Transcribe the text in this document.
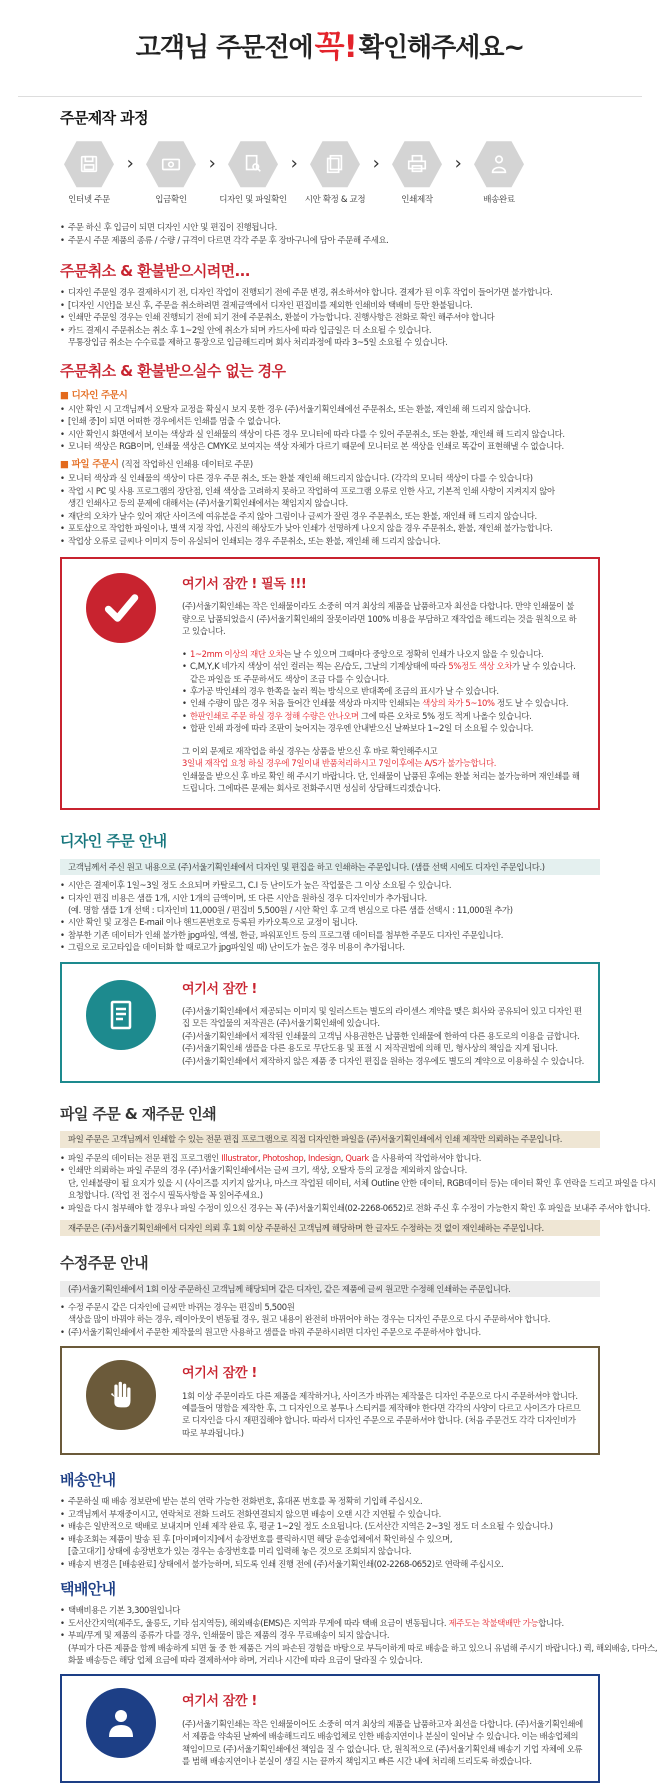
고객님 주문전에 꼭! 확인해주세요~
주문제작 과정
인터넷 주문
›
입금확인
›
디자인 및 파일확인
›
시안 확정 & 교정
›
인쇄제작
›
배송완료
• 주문 하신 후 입금이 되면 디자인 시안 및 편집이 진행됩니다.
• 주문시 주문 제품의 종류 / 수량 / 규격이 다르면 각각 주문 후 장바구니에 담아 주문해 주세요.
주문취소 & 환불받으시려면...
• 디자인 주문일 경우 결제하시기 전, 디자인 작업이 진행되기 전에 주문 변경, 취소하셔야 합니다. 결제가 된 이후 작업이 들어가면 불가합니다.
• [디자인 시안]을 보신 후, 주문을 취소하려면 결제금액에서 디자인 편집비를 제외한 인쇄비와 택배비 등만 환불됩니다.
• 인쇄만 주문일 경우는 인쇄 진행되기 전에 되기 전에 주문취소, 환불이 가능합니다. 진행사항은 전화로 확인 해주셔야 합니다
• 카드 결제시 주문취소는 취소 후 1~2일 안에 취소가 되며 카드사에 따라 입금일은 더 소요될 수 있습니다.
무통장입금 취소는 수수료를 제하고 통장으로 입금해드리며 회사 처리과정에 따라 3~5일 소요될 수 있습니다.
주문취소 & 환불받으실수 없는 경우
■ 디자인 주문시
• 시안 확인 시 고객님께서 오탈자 교정을 확실시 보지 못한 경우 (주)서울기획인쇄에선 주문취소, 또는 환불, 재인쇄 해 드리지 않습니다.
• [인쇄 중]이 되면 어떠한 경우에서든 인쇄를 멈출 수 없습니다.
• 시안 확인시 화면에서 보이는 색상과 실 인쇄물의 색상이 다른 경우 모니터에 따라 다를 수 있어 주문취소, 또는 환불, 재인쇄 해 드리지 않습니다.
• 모니터 색상은 RGB이며, 인쇄물 색상은 CMYK로 보여지는 색상 자체가 다르기 때문에 모니터로 본 색상을 인쇄로 똑같이 표현해낼 수 없습니다.
■ 파일 주문시 (직접 작업하신 인쇄용 데이터로 주문)
• 모니터 색상과 실 인쇄물의 색상이 다른 경우 주문 취소, 또는 환불 재인쇄 해드리지 않습니다. (각각의 모니터 색상이 다를 수 있습니다)
• 작업 시 PC 및 사용 프로그램의 장단점, 인쇄 색상을 고려하지 못하고 작업하여 프로그램 오류로 인한 사고, 기본적 인쇄 사항이 지켜지지 않아
생긴 인쇄사고 등의 문제에 대해서는 (주)서울기획인쇄에서는 책임지지 않습니다.
• 재단의 오차가 날수 있어 재단 사이즈에 여유분을 주지 않아 그림이나 글씨가 잘린 경우 주문취소, 또는 환불, 재인쇄 해 드리지 않습니다.
• 포토샵으로 작업한 파일이나, 별색 지정 작업, 사진의 해상도가 낮아 인쇄가 선명하게 나오지 않을 경우 주문취소, 환불, 재인쇄 불가능합니다.
• 작업상 오류로 글씨나 이미지 등이 유실되어 인쇄되는 경우 주문취소, 또는 환불, 재인쇄 해 드리지 않습니다.
여기서 잠깐 ! 필독 !!!
(주)서울기획인쇄는 작은 인쇄물이라도 소중히 여겨 최상의 제품을 납품하고자 최선을 다합니다. 만약 인쇄물이 불량으로 납품되었을시 (주)서울기획인쇄의 잘못이라면 100% 비용을 부담하고 재작업을 해드리는 것을 원칙으로 하고 있습니다.
• 1~2mm 이상의 재단 오차는 날 수 있으며 그때마다 중앙으로 정확히 인쇄가 나오지 않을 수 있습니다.
• C,M,Y,K 네가지 색상이 섞인 컬러는 찍는 온/습도, 그날의 기계상태에 따라 5%정도 색상 오차가 날 수 있습니다.
같은 파일을 또 주문하셔도 색상이 조금 다를 수 있습니다.
• 후가공 박인쇄의 경우 한쪽을 눌러 찍는 방식으로 반대쪽에 조금의 표시가 날 수 있습니다.
• 인쇄 수량이 많은 경우 처음 들어간 인쇄물 색상과 마지막 인쇄되는 색상의 차가 5~10% 정도 날 수 있습니다.
• 한판인쇄로 주문 하실 경우 정해 수량은 안나오며 그에 따른 오차로 5% 정도 적게 나올수 있습니다.
• 합판 인쇄 과정에 따라 조판이 늦어지는 경우엔 안내받으신 날짜보다 1~2일 더 소요될 수 있습니다.
그 이외 문제로 재작업을 하실 경우는 상품을 받으신 후 바로 확인해주시고
3일내 재작업 요청 하실 경우에 7일이내 반품처리하시고 7일이후에는 A/S가 불가능합니다.
인쇄물을 받으신 후 바로 확인 해 주시기 바랍니다. 단, 인쇄물이 납품된 후에는 환불 처리는 불가능하며 재인쇄를 해드립니다. 그에따른 문제는 회사로 전화주시면 성심히 상담해드리겠습니다.
디자인 주문 안내
고객님께서 주신 원고 내용으로 (주)서울기획인쇄에서 디자인 및 편집을 하고 인쇄하는 주문입니다. (샘플 선택 시에도 디자인 주문입니다.)
• 시안은 결제이후 1일~3일 정도 소요되며 카탈로그, C.I 등 난이도가 높은 작업물은 그 이상 소요될 수 있습니다.
• 디자인 편집 비용은 샘플 1개, 시안 1개의 금액이며, 또 다른 시안을 원하실 경우 디자인비가 추가됩니다.
(예. 명함 샘플 1개 선택 : 디자인비 11,000원 / 편집비 5,500원 / 시안 확인 후 고객 변심으로 다른 샘플 선택시 : 11,000원 추가)
• 시안 확인 및 교정은 E-mail 이나 핸드폰번호로 등록된 카카오톡으로 교정이 됩니다.
• 참부한 기존 데이터가 인쇄 불가한 jpg파일, 엑셀, 한글, 파워포인트 등의 프로그램 데이터를 첨부한 주문도 디자인 주문입니다.
• 그림으로 로고타입을 데이터화 할 때로고가 jpg파일일 때) 난이도가 높은 경우 비용이 추가됩니다.
여기서 잠깐 !
(주)서울기획인쇄에서 제공되는 이미지 및 일러스트는 별도의 라이센스 계약을 맺은 회사와 공유되어 있고 디자인 편집 모든 작업물의 저작권은 (주)서울기획인쇄에 있습니다.
(주)서울기획인쇄에서 제작된 인쇄물의 고객님 사용권한은 납품한 인쇄물에 한하여 다른 용도로의 이용을 금합니다.
(주)서울기획인쇄 샘플을 다른 용도로 무단도용 및 표절 시 저작권법에 의해 민, 형사상의 책임을 지게 됩니다.
(주)서울기획인쇄에서 제작하지 않은 제품 중 디자인 편집을 원하는 경우에도 별도의 계약으로 이용하실 수 있습니다.
파일 주문 & 재주문 인쇄
파일 주문은 고객님께서 인쇄할 수 있는 전문 편집 프로그램으로 직접 디자인한 파일을 (주)서울기획인쇄에서 인쇄 제작만 의뢰하는 주문입니다.
• 파일 주문의 데이터는 전문 편집 프로그램인 Illustrator, Photoshop, Indesign, Quark 을 사용하여 작업하셔야 합니다.
• 인쇄만 의뢰하는 파일 주문의 경우 (주)서울기획인쇄에서는 글씨 크기, 색상, 오탈자 등의 교정을 제외하지 않습니다.
단, 인쇄불량이 될 요지가 있을 시 (사이즈를 지키지 않거나, 마스크 작업된 데이터, 서체 Outline 안한 데이터, RGB데이터 등)는 데이터 확인 후 연락을 드리고 파일을 다시 요청합니다. (작업 전 접수시 필독사항을 꼭 읽어주세요.)
• 파일을 다시 첨부해야 할 경우나 파일 수정이 있으신 경우는 꼭 (주)서울기획인쇄(02-2268-0652)로 전화 주신 후 수정이 가능한지 확인 후 파일을 보내주 주셔야 합니다.
재주문은 (주)서울기획인쇄에서 디자인 의뢰 후 1회 이상 주문하신 고객님께 해당하며 한 글자도 수정하는 것 없이 재인쇄하는 주문입니다.
수정주문 안내
(주)서울기획인쇄에서 1회 이상 주문하신 고객님께 해당되며 같은 디자인, 같은 제품에 글씨 원고만 수정해 인쇄하는 주문입니다.
• 수정 주문시 같은 디자인에 글씨만 바뀌는 경우는 편집비 5,500원
색상을 많이 바꿔야 하는 경우, 레이아웃이 변동될 경우, 원고 내용이 완전히 바뀌어야 하는 경우는 디자인 주문으로 다시 주문하셔야 합니다.
• (주)서울기획인쇄에서 주문한 제작물의 원고만 사용하고 샘플을 바꿔 주문하시려면 디자인 주문으로 주문하셔야 합니다.
여기서 잠깐 !
1회 이상 주문이라도 다른 제품을 제작하거나, 사이즈가 바뀌는 제작물은 디자인 주문으로 다시 주문하셔야 합니다. 예를들어 명함을 제작한 후, 그 디자인으로 봉투나 스티커를 제작해야 한다면 각각의 사양이 다르고 사이즈가 다르므로 디자인을 다시 재편집해야 합니다. 따라서 디자인 주문으로 주문하셔야 합니다. (처음 주문건도 각각 디자인비가 따로 부과됩니다.)
배송안내
• 주문하실 때 배송 정보란에 받는 분의 연락 가능한 전화번호, 휴대폰 번호를 꼭 정확히 기입해 주십시오.
• 고객님께서 부재중이시고, 연락처로 전화 드려도 전화연결되지 않으면 배송이 오랜 시간 지연될 수 있습니다.
• 배송은 일반적으로 택배로 보내지며 인쇄 제작 완료 후, 평균 1~2일 정도 소요됩니다. (도서산간 지역은 2~3일 정도 더 소요될 수 있습니다.)
• 배송조회는 제품이 발송 된 후 [마이페이지]에서 송장번호를 클릭하시면 해당 운송업체에서 확인하실 수 있으며,
[출고대기] 상태에 송장번호가 있는 경우는 송장번호를 미리 입력해 놓은 것으로 조회되지 않습니다.
• 배송지 변경은 [배송완료] 상태에서 불가능하며, 되도록 인쇄 진행 전에 (주)서울기획인쇄(02-2268-0652)로 연락해 주십시오.
택배안내
• 택배비용은 기본 3,300원입니다
• 도서산간지역(제주도, 울릉도, 기타 섬지역등), 해외배송(EMS)은 지역과 무게에 따라 택배 요금이 변동됩니다. 제주도는 착불택배만 가능합니다.
• 부피/무게 및 제품의 종류가 다를 경우, 인쇄물이 많은 제품의 경우 무료배송이 되지 않습니다.
(부피가 다른 제품을 함께 배송하게 되면 둘 중 한 제품은 거의 파손된 경험을 바탕으로 부득이하게 따로 배송을 하고 있으니 유념해 주시기 바랍니다.) 퀵, 해외배송, 다마스, 화물 배송등은 해당 업체 요금에 따라 결제하셔야 하며, 거리나 시간에 따라 요금이 달라질 수 있습니다.
여기서 잠깐 !
(주)서울기획인쇄는 작은 인쇄물이어도 소중히 여겨 최상의 제품을 납품하고자 최선을 다합니다. (주)서울기획인쇄에서 제품을 약속된 날짜에 배송해드리도 배송업체로 인한 배송지연이나 분실이 일어날 수 있습니다. 이는 배송업체의 책임이므로 (주)서울기획인쇄에선 책임을 질 수 없습니다. 단, 원칙적으로 (주)서울기획인쇄 배송기 기업 자체에 오류를 범해 배송지연이나 분실이 생길 시는 끝까지 책임지고 빠른 시간 내에 처리해 드리도록 하겠습니다.
